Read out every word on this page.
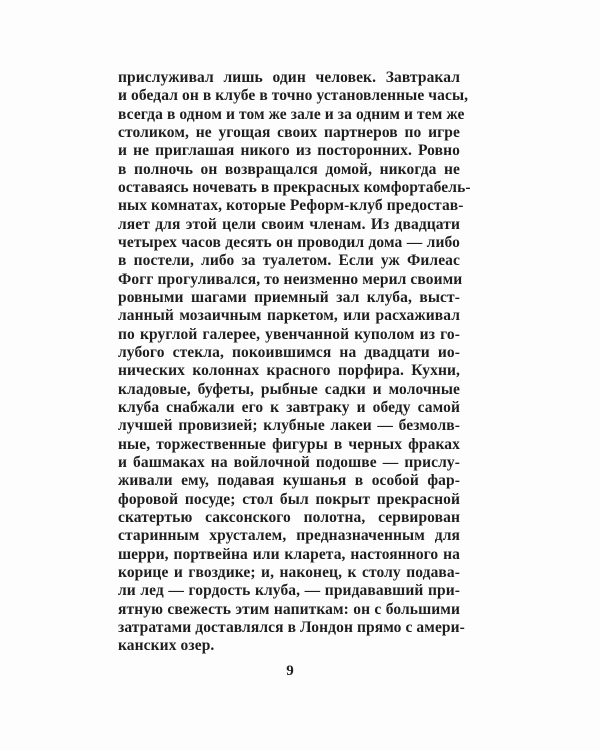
прислуживал лишь один человек. Завтракал
и обедал он в клубе в точно установленные часы,
всегда в одном и том же зале и за одним и тем же
столиком, не угощая своих партнеров по игре
и не приглашая никого из посторонних. Ровно
в полночь он возвращался домой, никогда не
оставаясь ночевать в прекрасных комфортабель-
ных комнатах, которые Реформ-клуб предостав-
ляет для этой цели своим членам. Из двадцати
четырех часов десять он проводил дома — либо
в постели, либо за туалетом. Если уж Филеас
Фогг прогуливался, то неизменно мерил своими
ровными шагами приемный зал клуба, выст-
ланный мозаичным паркетом, или расхаживал
по круглой галерее, увенчанной куполом из го-
лубого стекла, покоившимся на двадцати ио-
нических колоннах красного порфира. Кухни,
кладовые, буфеты, рыбные садки и молочные
клуба снабжали его к завтраку и обеду самой
лучшей провизией; клубные лакеи — безмолв-
ные, торжественные фигуры в черных фраках
и башмаках на войлочной подошве — прислу-
живали ему, подавая кушанья в особой фар-
форовой посуде; стол был покрыт прекрасной
скатертью саксонского полотна, сервирован
старинным хрусталем, предназначенным для
шерри, портвейна или кларета, настоянного на
корице и гвоздике; и, наконец, к столу подава-
ли лед — гордость клуба, — придававший при-
ятную свежесть этим напиткам: он с большими
затратами доставлялся в Лондон прямо с амери-
канских озер.
9
